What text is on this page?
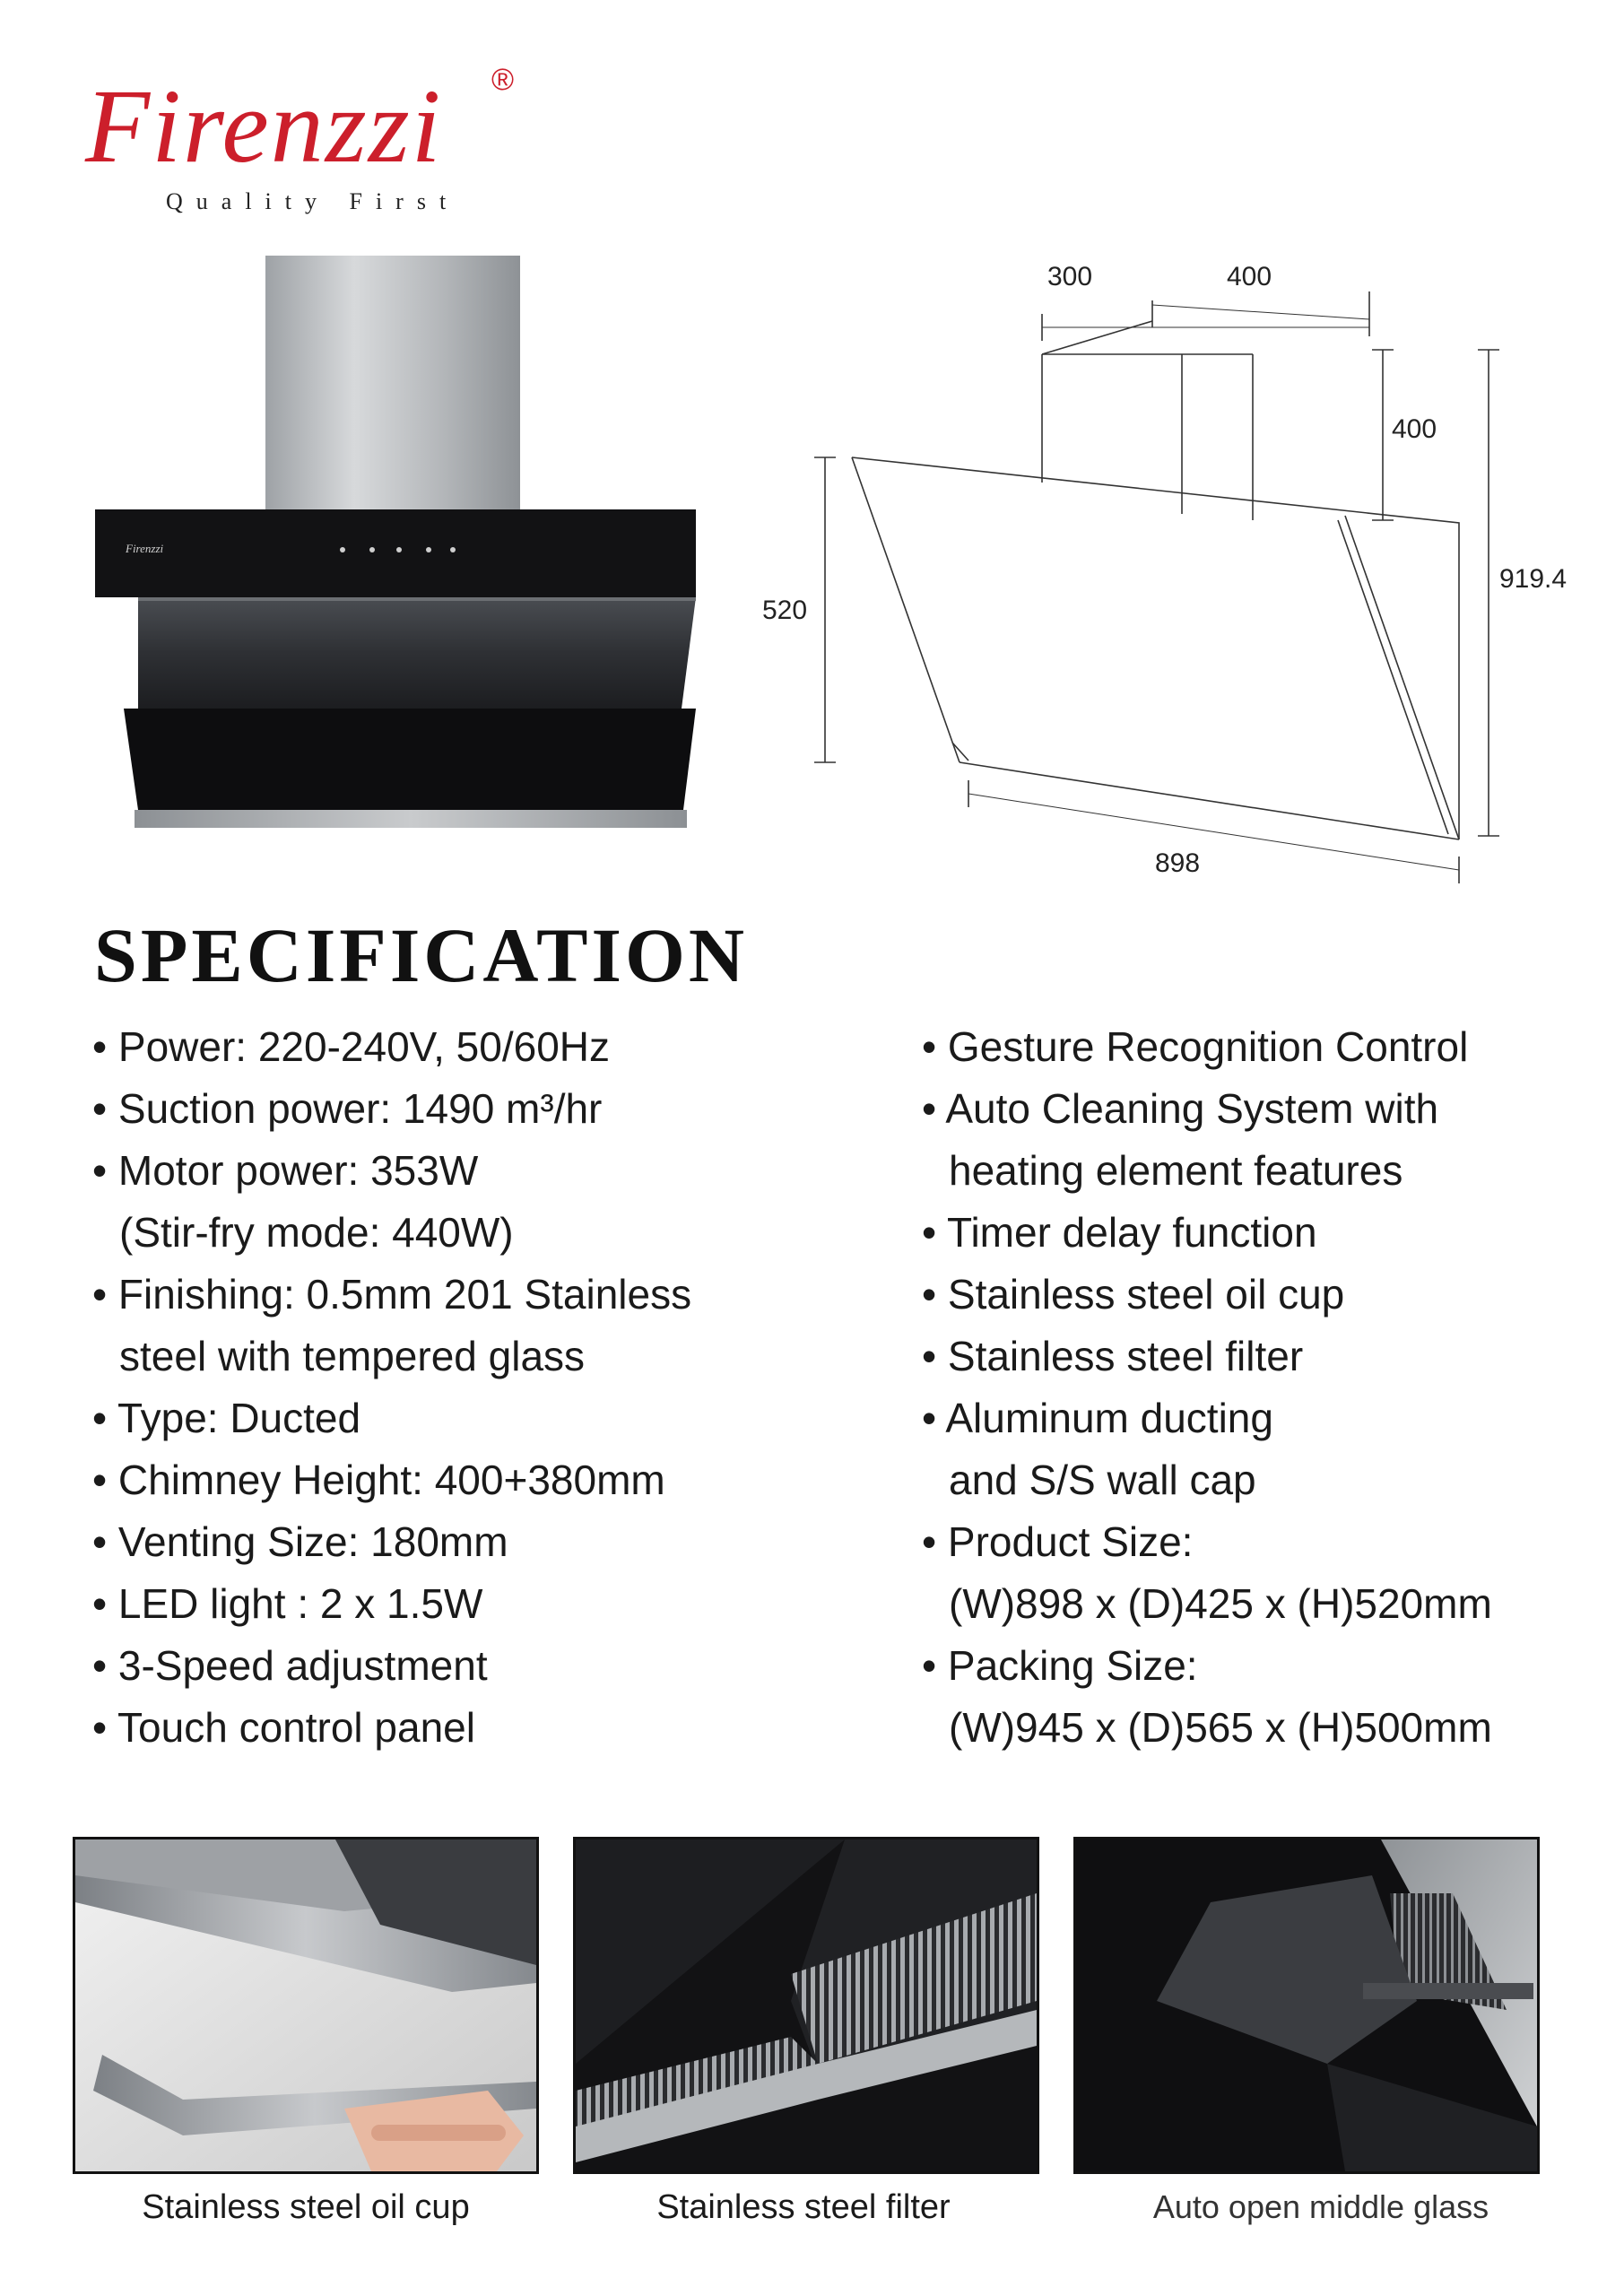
Firenzzi ®
Quality First
Firenzzi
300	400
400
520
919.4
898
SPECIFICATION
• Power: 220-240V, 50/60Hz
• Suction power: 1490 m³/hr
• Motor power: 353W
(Stir-fry mode: 440W)
• Finishing: 0.5mm 201 Stainless
steel with tempered glass
• Type: Ducted
• Chimney Height: 400+380mm
• Venting Size: 180mm
• LED light : 2 x 1.5W
• 3-Speed adjustment
• Touch control panel
• Gesture Recognition Control
• Auto Cleaning System with
heating element features
• Timer delay function
• Stainless steel oil cup
• Stainless steel filter
• Aluminum ducting
and S/S wall cap
• Product Size:
(W)898 x (D)425 x (H)520mm
• Packing Size:
(W)945 x (D)565 x (H)500mm
Stainless steel oil cup	Stainless steel filter	Auto open middle glass
